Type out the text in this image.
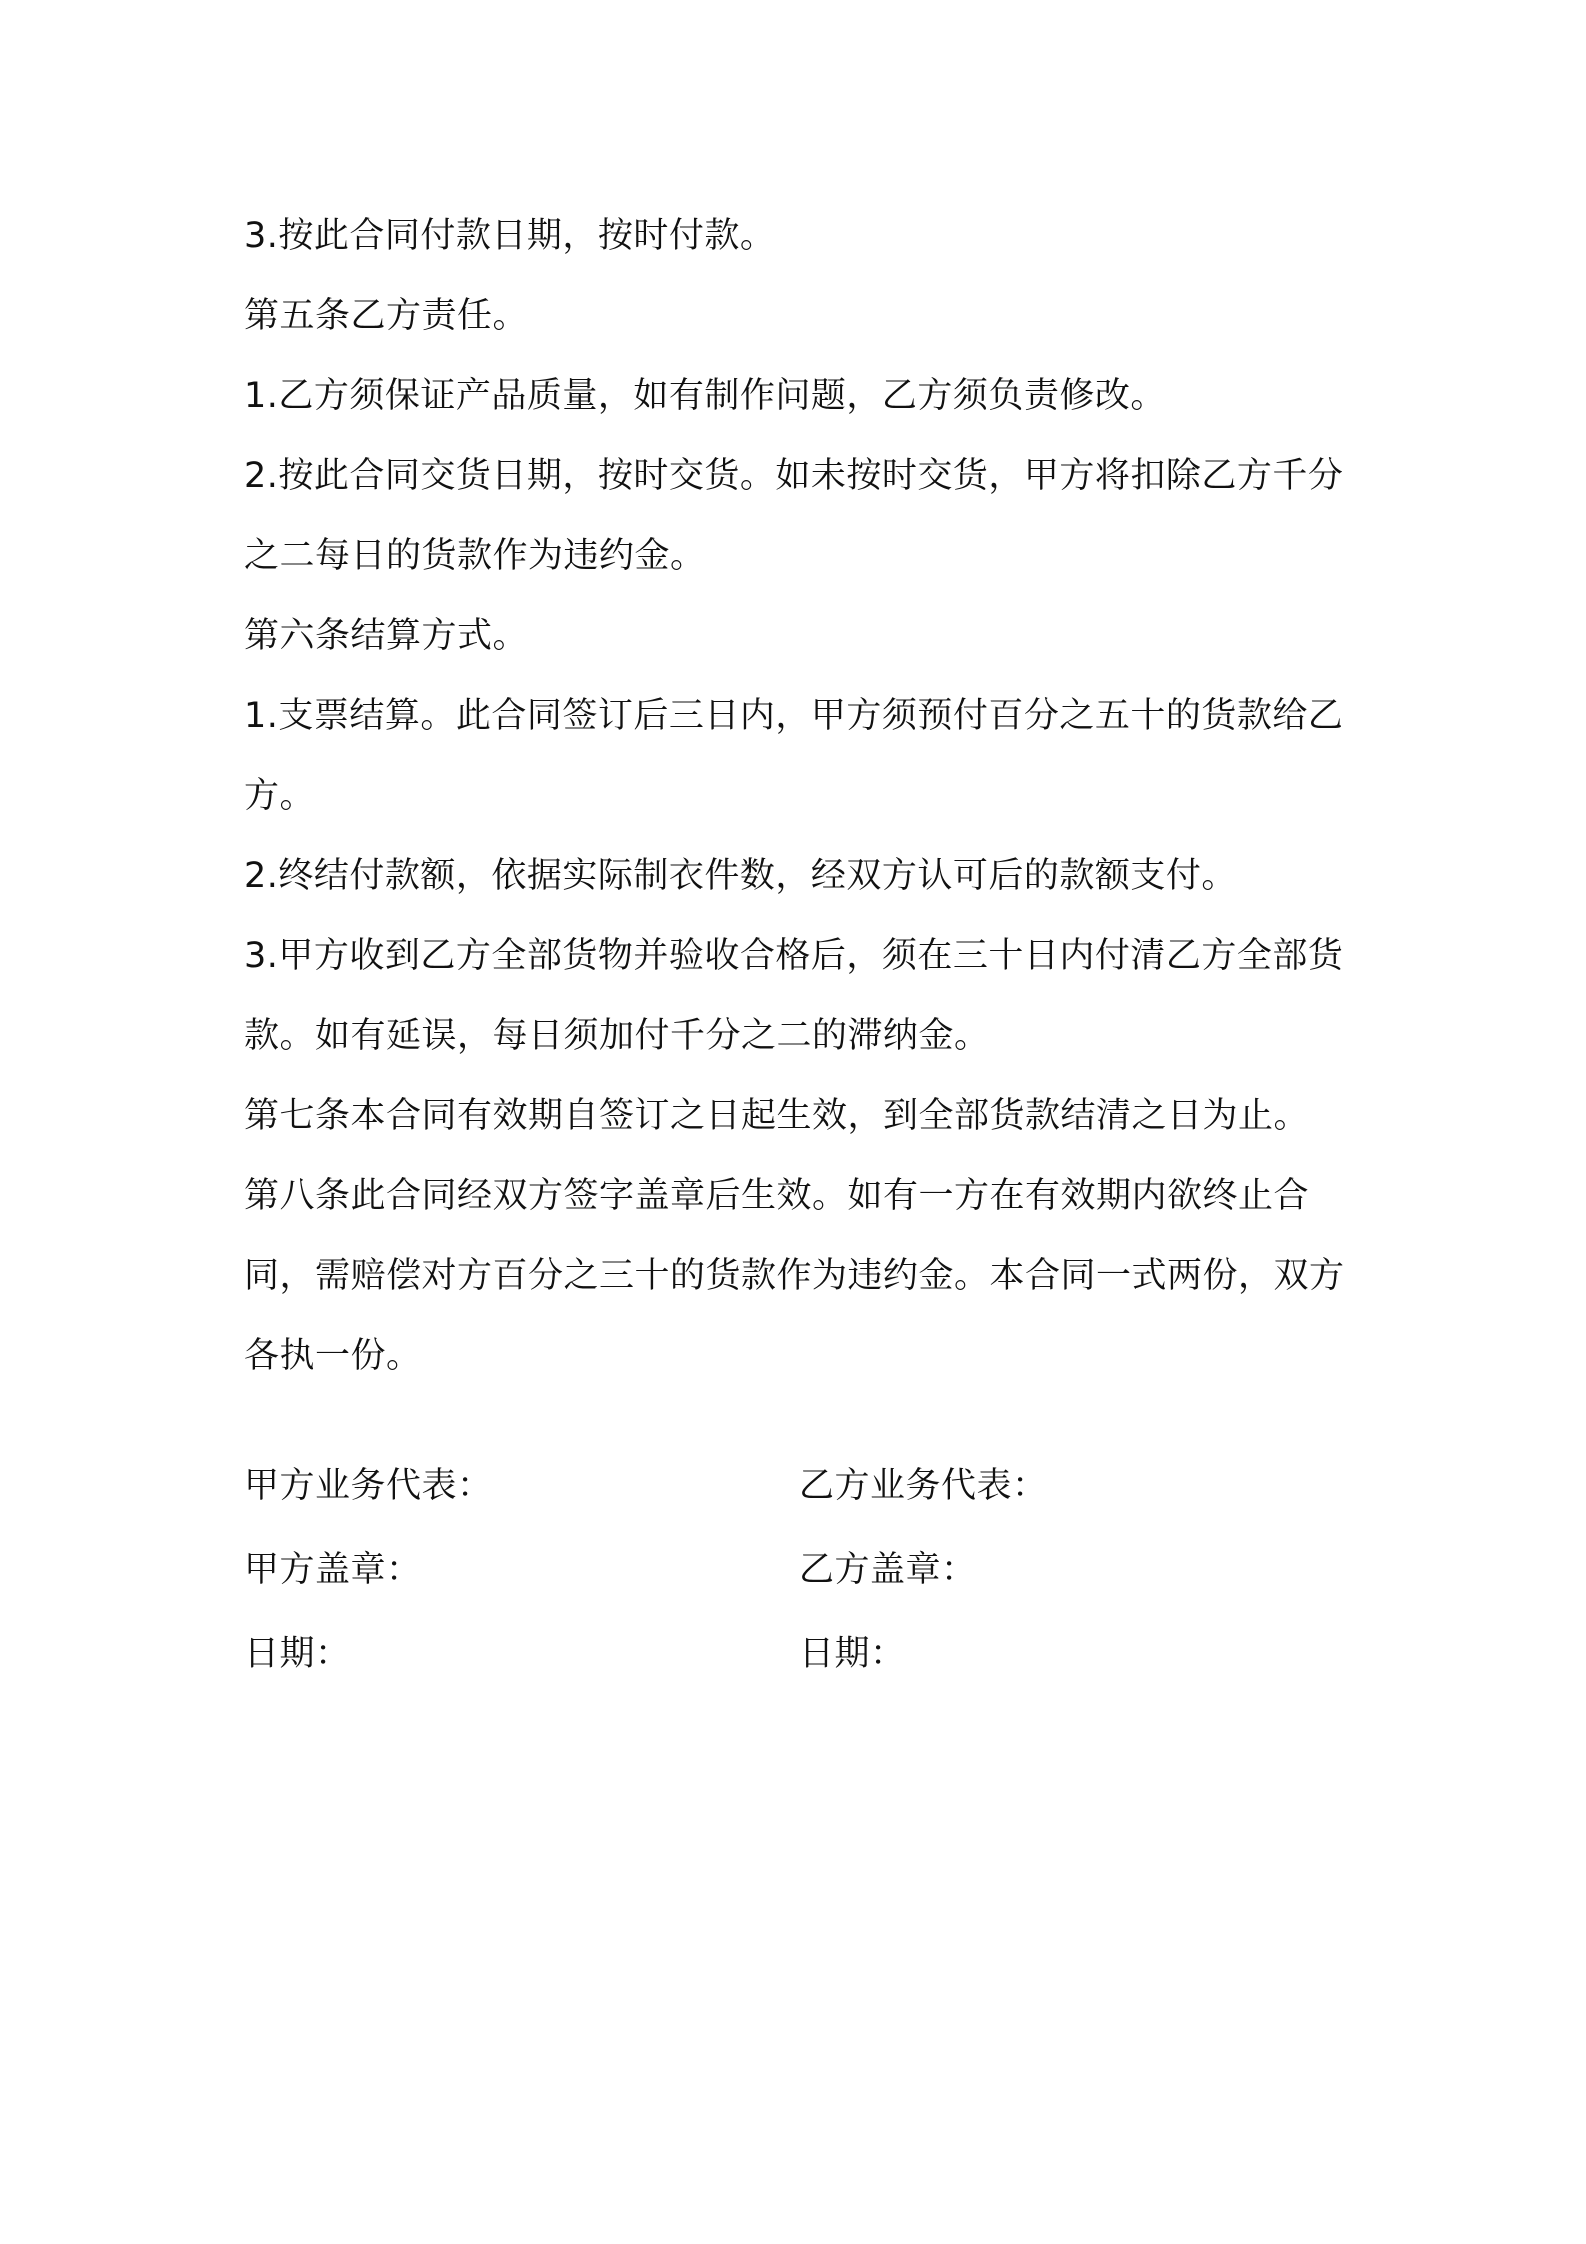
3.按此合同付款日期，按时付款。

第五条乙方责任。

1.乙方须保证产品质量，如有制作问题，乙方须负责修改。

2.按此合同交货日期，按时交货。如未按时交货，甲方将扣除乙方千分之二每日的货款作为违约金。

第六条结算方式。

1.支票结算。此合同签订后三日内，甲方须预付百分之五十的货款给乙方。

2.终结付款额，依据实际制衣件数，经双方认可后的款额支付。

3.甲方收到乙方全部货物并验收合格后，须在三十日内付清乙方全部货款。如有延误，每日须加付千分之二的滞纳金。

第七条本合同有效期自签订之日起生效，到全部货款结清之日为止。

第八条此合同经双方签字盖章后生效。如有一方在有效期内欲终止合同，需赔偿对方百分之三十的货款作为违约金。本合同一式两份，双方各执一份。

甲方业务代表：	乙方业务代表：
甲方盖章：	乙方盖章：
日期：	日期：
